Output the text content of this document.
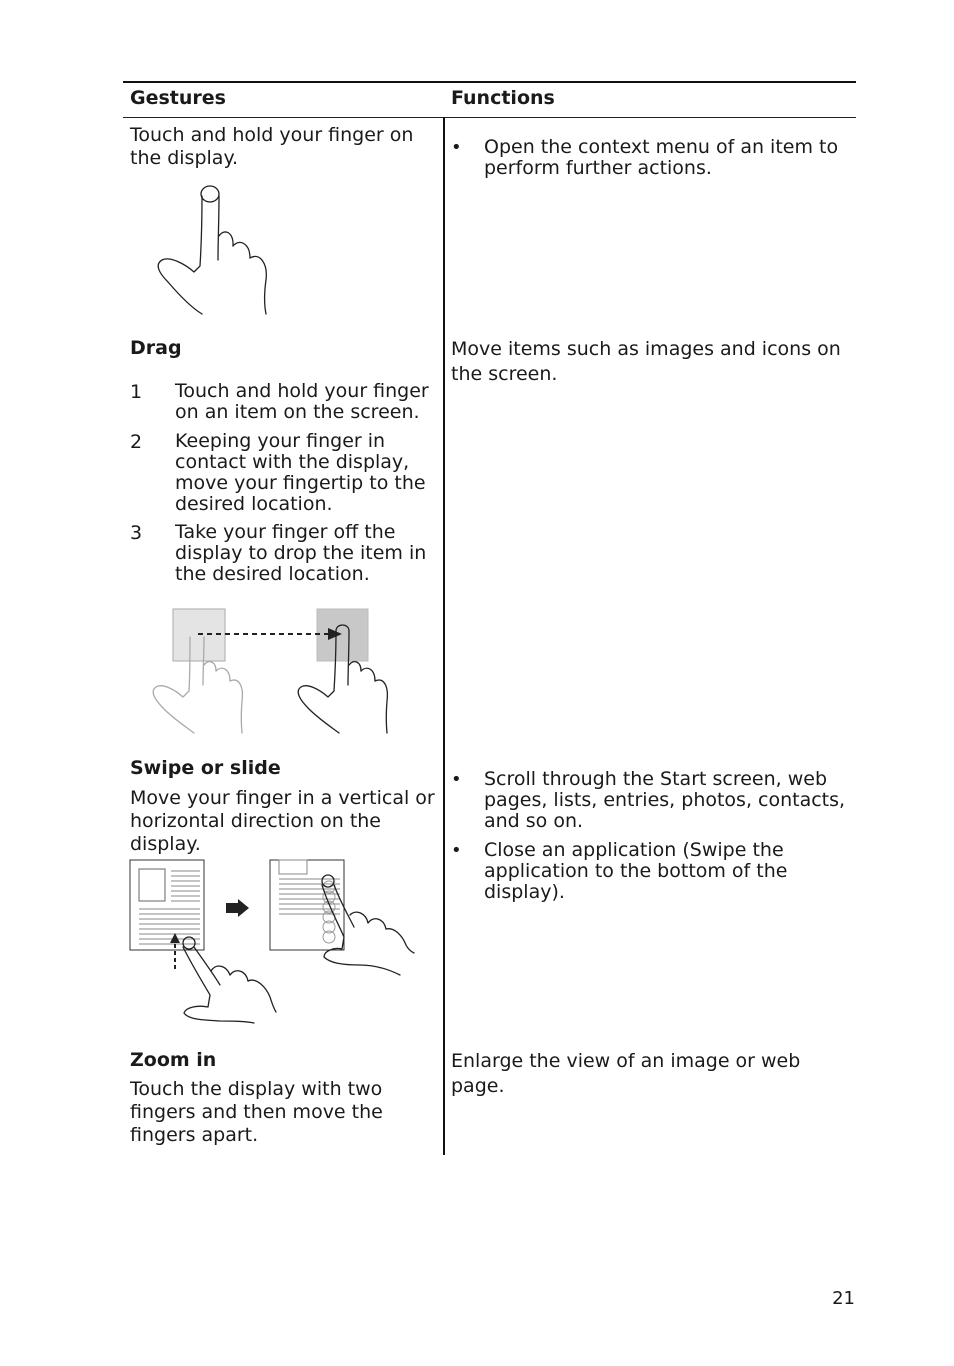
Gestures	Functions
Touch and hold your finger on the display.	• Open the context menu of an item to perform further actions.
Drag
1 Touch and hold your finger on an item on the screen.
2 Keeping your finger in contact with the display, move your fingertip to the desired location.
3 Take your finger off the display to drop the item in the desired location.
Move items such as images and icons on the screen.
Swipe or slide
Move your finger in a vertical or horizontal direction on the display.
• Scroll through the Start screen, web pages, lists, entries, photos, contacts, and so on.
• Close an application (Swipe the application to the bottom of the display).
Zoom in
Touch the display with two fingers and then move the fingers apart.
Enlarge the view of an image or web page.
21
